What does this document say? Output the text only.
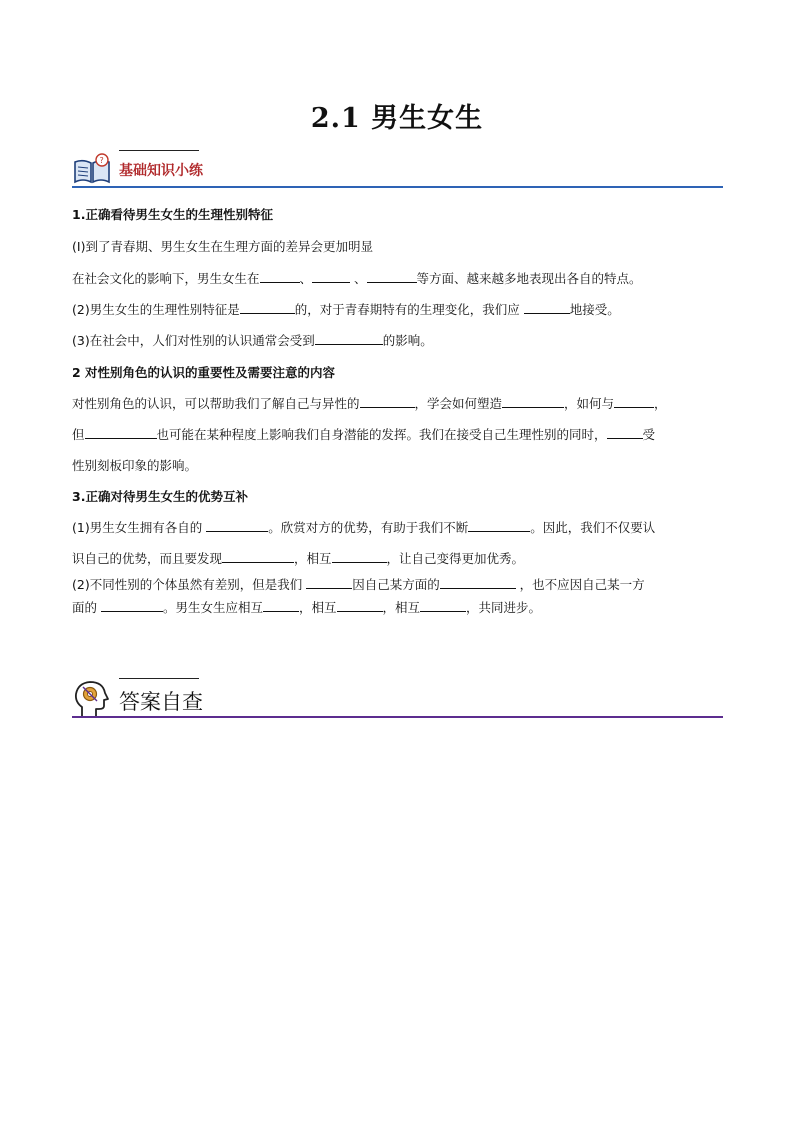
2.1 男生女生
?
基础知识小练
1.正确看待男生女生的生理性别特征
(I)到了青春期、男生女生在生理方面的差异会更加明显
在社会文化的影响下，男生女生在	、	、	等方面、越来越多地表现出各自的特点。
(2)男生女生的生理性别特征是	的，对于青春期特有的生理变化，我们应	地接受。
(3)在社会中，人们对性别的认识通常会受到	的影响。
2 对性别角色的认识的重要性及需要注意的内容
对性别角色的认识，可以帮助我们了解自己与异性的	，学会如何塑造	，如何与	，
但	也可能在某种程度上影响我们自身潜能的发挥。我们在接受自己生理性别的同时，	受
性别刻板印象的影响。
3.正确对待男生女生的优势互补
(1)男生女生拥有各自的	。欣赏对方的优势，有助于我们不断	。因此，我们不仅要认
识自己的优势，而且要发现	，相互	，让自己变得更加优秀。
(2)不同性别的个体虽然有差别，但是我们	因自己某方面的	，也不应因自己某一方
面的	。男生女生应相互	，相互	，相互	，共同进步。
答案自查
